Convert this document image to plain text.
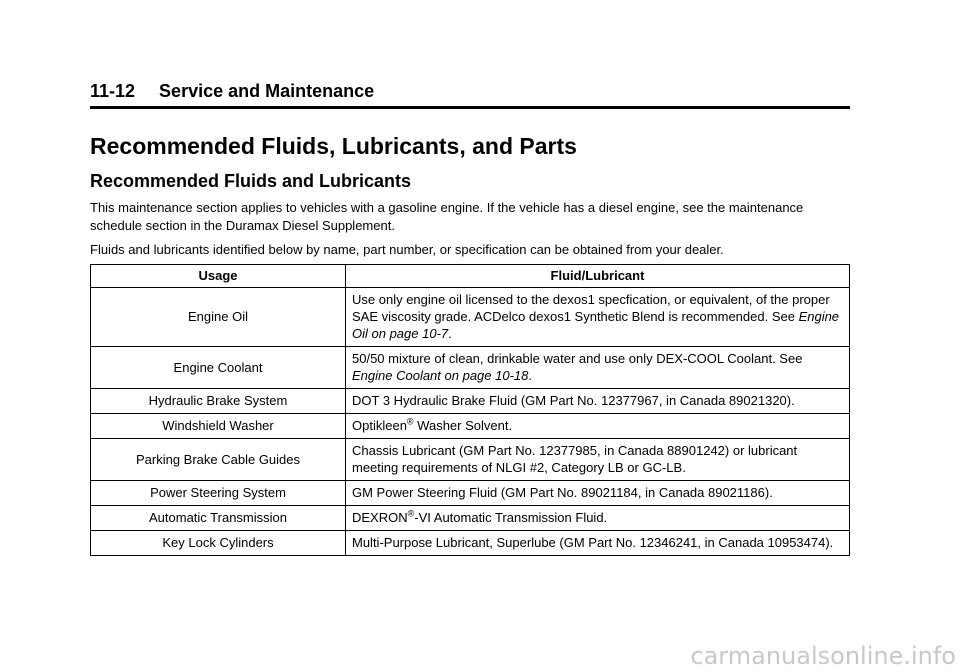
11-12 Service and Maintenance
Recommended Fluids, Lubricants, and Parts
Recommended Fluids and Lubricants

This maintenance section applies to vehicles with a gasoline engine. If the vehicle has a diesel engine, see the maintenance schedule section in the Duramax Diesel Supplement.

Fluids and lubricants identified below by name, part number, or specification can be obtained from your dealer.

Usage	Fluid/Lubricant
Engine Oil	Use only engine oil licensed to the dexos1 specfication, or equivalent, of the proper SAE viscosity grade. ACDelco dexos1 Synthetic Blend is recommended. See Engine Oil on page 10-7.
Engine Coolant	50/50 mixture of clean, drinkable water and use only DEX-COOL Coolant. See Engine Coolant on page 10-18.
Hydraulic Brake System	DOT 3 Hydraulic Brake Fluid (GM Part No. 12377967, in Canada 89021320).
Windshield Washer	Optikleen® Washer Solvent.
Parking Brake Cable Guides	Chassis Lubricant (GM Part No. 12377985, in Canada 88901242) or lubricant meeting requirements of NLGI #2, Category LB or GC-LB.
Power Steering System	GM Power Steering Fluid (GM Part No. 89021184, in Canada 89021186).
Automatic Transmission	DEXRON®-VI Automatic Transmission Fluid.
Key Lock Cylinders	Multi-Purpose Lubricant, Superlube (GM Part No. 12346241, in Canada 10953474).
carmanualsonline.info
